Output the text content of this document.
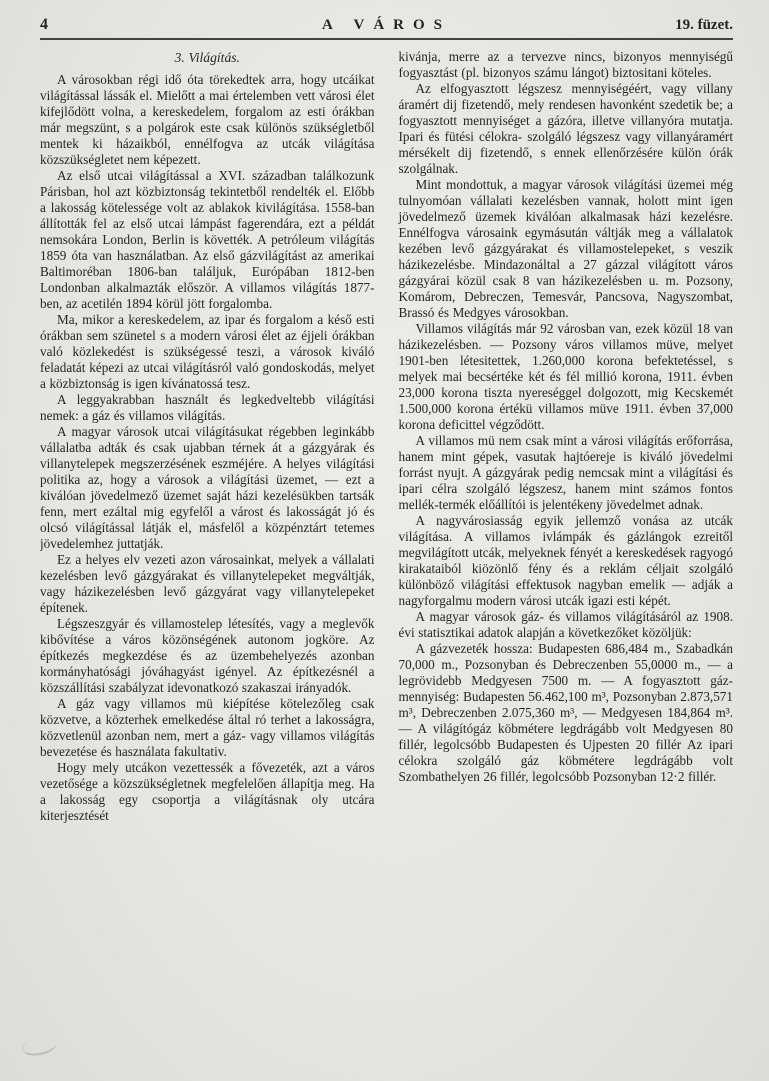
4	A VÁROS	19. füzet.
3. Világítás.

A városokban régi idő óta törekedtek arra, hogy utcáikat világítással lássák el. Mielőtt a mai értelemben vett városi élet kifejlődött volna, a kereskedelem, forgalom az esti órákban már megszünt, s a polgárok este csak különös szükségletből mentek ki házaikból, ennélfogva az utcák világítása közszükségletet nem képezett.

Az első utcai világítással a XVI. században találkozunk Párisban, hol azt közbiztonság tekintetből rendelték el. Előbb a lakosság kötelessége volt az ablakok kivilágítása. 1558-ban állították fel az első utcai lámpást fagerendára, ezt a példát nemsokára London, Berlin is követték. A petróleum világítás 1859 óta van használatban. Az első gázvilágítást az amerikai Baltimoréban 1806-ban találjuk, Európában 1812-ben Londonban alkalmazták először. A villamos világítás 1877-ben, az acetilén 1894 körül jött forgalomba.

Ma, mikor a kereskedelem, az ipar és forgalom a késő esti órákban sem szünetel s a modern városi élet az éjjeli órákban való közlekedést is szükségessé teszi, a városok kiváló feladatát képezi az utcai világításról való gondoskodás, melyet a közbiztonság is igen kívánatossá tesz.

A leggyakrabban használt és legkedveltebb világítási nemek: a gáz és villamos világítás.

A magyar városok utcai világításukat régebben leginkább vállalatba adták és csak ujabban térnek át a gázgyárak és villanytelepek megszerzésének eszméjére. A helyes világítási politika az, hogy a városok a világítási üzemet, — ezt a kiválóan jövedelmező üzemet saját házi kezelésükben tartsák fenn, mert ezáltal mig egyfelől a várost és lakosságát jó és olcsó világítással látják el, másfelől a közpénztárt tetemes jövedelemhez juttatják.

Ez a helyes elv vezeti azon városainkat, melyek a vállalati kezelésben levő gázgyárakat és villanytelepeket megváltják, vagy házikezelésben levő gázgyárat vagy villanytelepeket építenek.

Légszeszgyár és villamostelep létesítés, vagy a meglevők kibővítése a város közönségének autonom jogköre. Az építkezés megkezdése és az üzembehelyezés azonban kormányhatósági jóváhagyást igényel. Az építkezésnél a közszállítási szabályzat idevonatkozó szakaszai irányadók.

A gáz vagy villamos mü kiépítése kötelezőleg csak közvetve, a közterhek emelkedése által ró terhet a lakosságra, közvetlenül azonban nem, mert a gáz- vagy villamos világítás bevezetése és használata fakultativ.

Hogy mely utcákon vezettessék a fővezeték, azt a város vezetősége a közszükségletnek megfelelően állapítja meg. Ha a lakosság egy csoportja a világításnak oly utcára kiterjesztését

kivánja, merre az a tervezve nincs, bizonyos mennyiségű fogyasztást (pl. bizonyos számu lángot) biztositani köteles.

Az elfogyasztott légszesz mennyiségéért, vagy villany áramért dij fizetendő, mely rendesen havonként szedetik be; a fogyasztott mennyiséget a gázóra, illetve villanyóra mutatja. Ipari és fütési célokra- szolgáló légszesz vagy villanyáramért mérsékelt dij fizetendő, s ennek ellenőrzésére külön órák szolgálnak.

Mint mondottuk, a magyar városok világítási üzemei még tulnyomóan vállalati kezelésben vannak, holott mint igen jövedelmező üzemek kiválóan alkalmasak házi kezelésre. Ennélfogva városaink egymásután váltják meg a vállalatok kezében levő gázgyárakat és villamostelepeket, s veszik házikezelésbe. Mindazonáltal a 27 gázzal világított város gázgyárai közül csak 8 van házikezelésben u. m. Pozsony, Komárom, Debreczen, Temesvár, Pancsova, Nagyszombat, Brassó és Medgyes városokban.

Villamos világítás már 92 városban van, ezek közül 18 van házikezelésben. — Pozsony város villamos müve, melyet 1901-ben létesitettek, 1.260,000 korona befektetéssel, s melyek mai becsértéke két és fél millió korona, 1911. évben 23,000 korona tiszta nyereséggel dolgozott, mig Kecskemét 1.500,000 korona értékü villamos müve 1911. évben 37,000 korona deficittel végződött.

A villamos mü nem csak mint a városi világítás erőforrása, hanem mint gépek, vasutak hajtóereje is kiváló jövedelmi forrást nyujt. A gázgyárak pedig nemcsak mint a világítási és ipari célra szolgáló légszesz, hanem mint számos fontos mellék-termék előállítói is jelentékeny jövedelmet adnak.

A nagyvárosiasság egyik jellemző vonása az utcák világítása. A villamos ivlámpák és gázlángok ezreitől megvilágított utcák, melyeknek fényét a kereskedések ragyogó kirakataiból kiözönlő fény és a reklám céljait szolgáló különböző világítási effektusok nagyban emelik — adják a nagyforgalmu modern városi utcák igazi esti képét.

A magyar városok gáz- és villamos világításáról az 1908. évi statisztikai adatok alapján a következőket közöljük:

A gázvezeték hossza: Budapesten 686,484 m., Szabadkán 70,000 m., Pozsonyban és Debreczenben 55,0000 m., — a legrövidebb Medgyesen 7500 m. — A fogyasztott gáz-mennyiség: Budapesten 56.462,100 m³, Pozsonyban 2.873,571 m³, Debreczenben 2.075,360 m³, — Medgyesen 184,864 m³. — A világítógáz köbmétere legdrágább volt Medgyesen 80 fillér, legolcsóbb Budapesten és Ujpesten 20 fillér Az ipari célokra szolgáló gáz köbmétere legdrágább volt Szombathelyen 26 fillér, legolcsóbb Pozsonyban 12·2 fillér.
